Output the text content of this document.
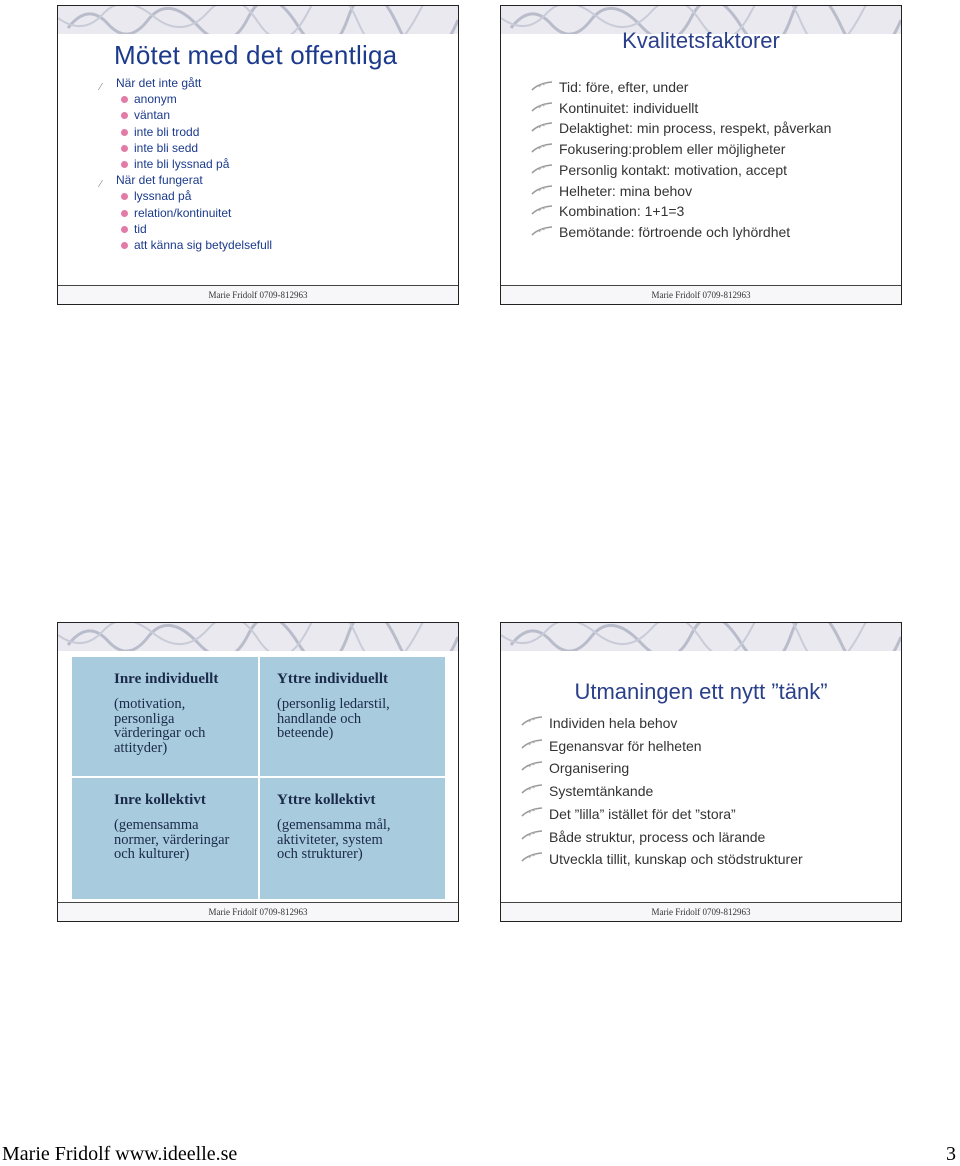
Mötet med det offentliga
⁄ När det inte gått
anonym
väntan
inte bli trodd
inte bli sedd
inte bli lyssnad på
⁄ När det fungerat
lyssnad på
relation/kontinuitet
tid
att känna sig betydelsefull
Marie Fridolf 0709-812963
Kvalitetsfaktorer
Tid: före, efter, under
Kontinuitet: individuellt
Delaktighet: min process, respekt, påverkan
Fokusering:problem eller möjligheter
Personlig kontakt: motivation, accept
Helheter: mina behov
Kombination: 1+1=3
Bemötande: förtroende och lyhördhet
Marie Fridolf 0709-812963
Inre individuellt
(motivation, personliga värderingar och attityder)
Yttre individuellt
(personlig ledarstil, handlande och beteende)
Inre kollektivt
(gemensamma normer, värderingar och kulturer)
Yttre kollektivt
(gemensamma mål, aktiviteter, system och strukturer)
Marie Fridolf 0709-812963
Utmaningen ett nytt ”tänk”
Individen hela behov
Egenansvar för helheten
Organisering
Systemtänkande
Det ”lilla” istället för det ”stora”
Både struktur, process och lärande
Utveckla tillit, kunskap och stödstrukturer
Marie Fridolf 0709-812963
Marie Fridolf www.ideelle.se	3
